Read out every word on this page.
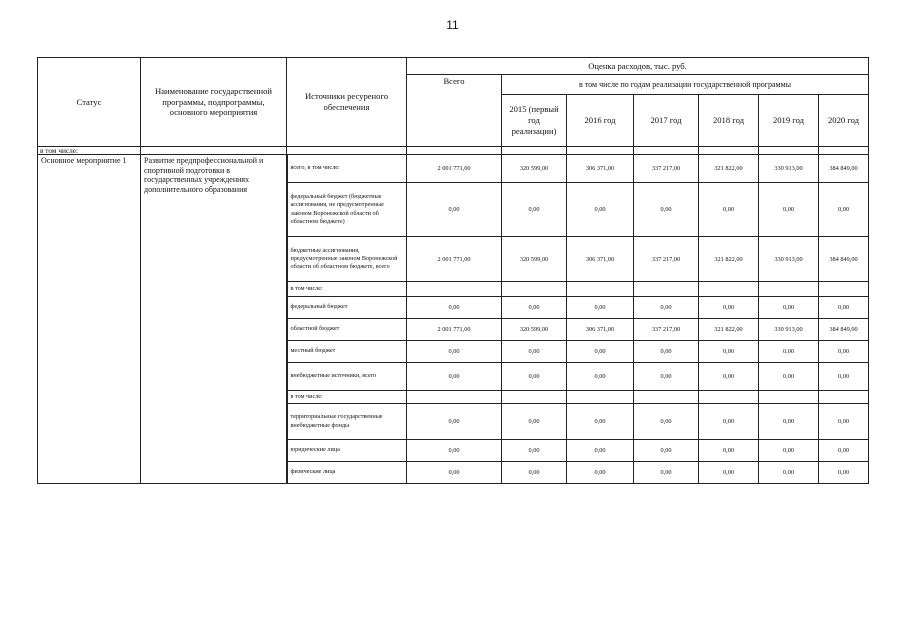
11
Статус	Наименование государственной программы, подпрограммы, основного мероприятия	Источники ресуреного обеспечения	Оценка расходов, тыс. руб.						
			Всего	в том числе по годам реализации государственной программы					
				2015 (первый год реализации)	2016 год	2017 год	2018 год	2019 год	2020 год
в том числе:									
Основное мероприятие 1	Развитие предпрофессиональной и спортивной подготовки в государственных учреждениях дополнительного образования	всего, в том числе:	2 001 771,00	320 599,00	306 371,00	337 217,00	321 822,00	330 913,00	384 849,00
		федеральный бюджет (бюджетные ассигнования, не предусмотренные законом Воронежской области об областном бюджете)	0,00	0,00	0,00	0,00	0,00	0,00	0,00
		бюджетные ассигнования, предусмотренные законом Воронежской области об областном бюджете, всего	2 001 771,00	320 599,00	306 371,00	337 217,00	321 822,00	330 913,00	384 849,00
		в том числе:							
		федеральный бюджет	0,00	0,00	0,00	0,00	0,00	0,00	0,00
		областной бюджет	2 001 771,00	320 599,00	306 371,00	337 217,00	321 822,00	330 913,00	384 849,00
		местный бюджет	0,00	0,00	0,00	0,00	0,00	0,00	0,00
		внебюджетные источники, всего	0,00	0,00	0,00	0,00	0,00	0,00	0,00
		в том числе:							
		территориальные государственные внебюджетные фонды	0,00	0,00	0,00	0,00	0,00	0,00	0,00
		юридические лица	0,00	0,00	0,00	0,00	0,00	0,00	0,00
		физические лица	0,00	0,00	0,00	0,00	0,00	0,00	0,00
